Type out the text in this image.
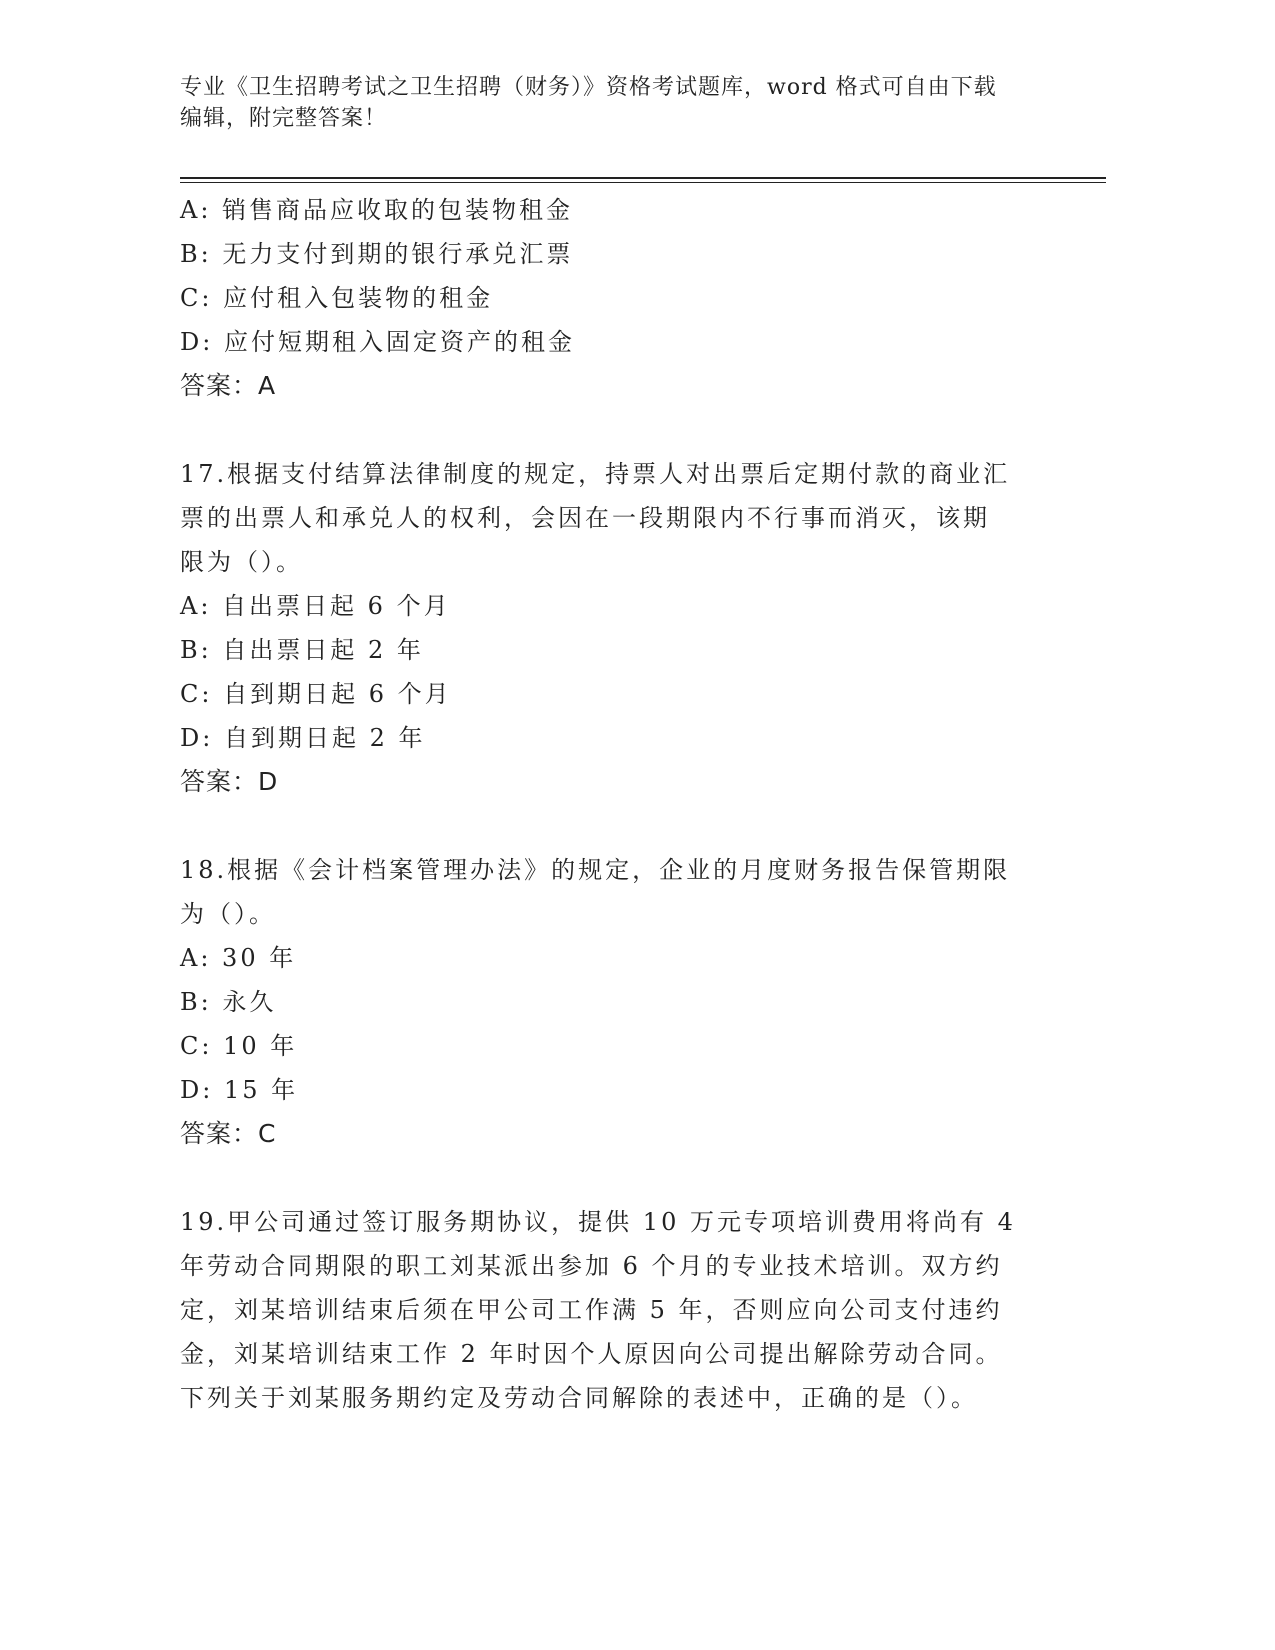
专业《卫生招聘考试之卫生招聘（财务）》资格考试题库，word 格式可自由下载
编辑，附完整答案！

A: 销售商品应收取的包装物租金

B: 无力支付到期的银行承兑汇票

C: 应付租入包装物的租金

D: 应付短期租入固定资产的租金

答案：A

17.根据支付结算法律制度的规定，持票人对出票后定期付款的商业汇
票的出票人和承兑人的权利，会因在一段期限内不行事而消灭，该期
限为（）。

A: 自出票日起 6 个月

B: 自出票日起 2 年

C: 自到期日起 6 个月

D: 自到期日起 2 年

答案：D

18.根据《会计档案管理办法》的规定，企业的月度财务报告保管期限
为（）。

A: 30 年

B: 永久

C: 10 年

D: 15 年

答案：C

19.甲公司通过签订服务期协议，提供 10 万元专项培训费用将尚有 4
年劳动合同期限的职工刘某派出参加 6 个月的专业技术培训。双方约
定，刘某培训结束后须在甲公司工作满 5 年，否则应向公司支付违约
金，刘某培训结束工作 2 年时因个人原因向公司提出解除劳动合同。
下列关于刘某服务期约定及劳动合同解除的表述中，正确的是（）。
